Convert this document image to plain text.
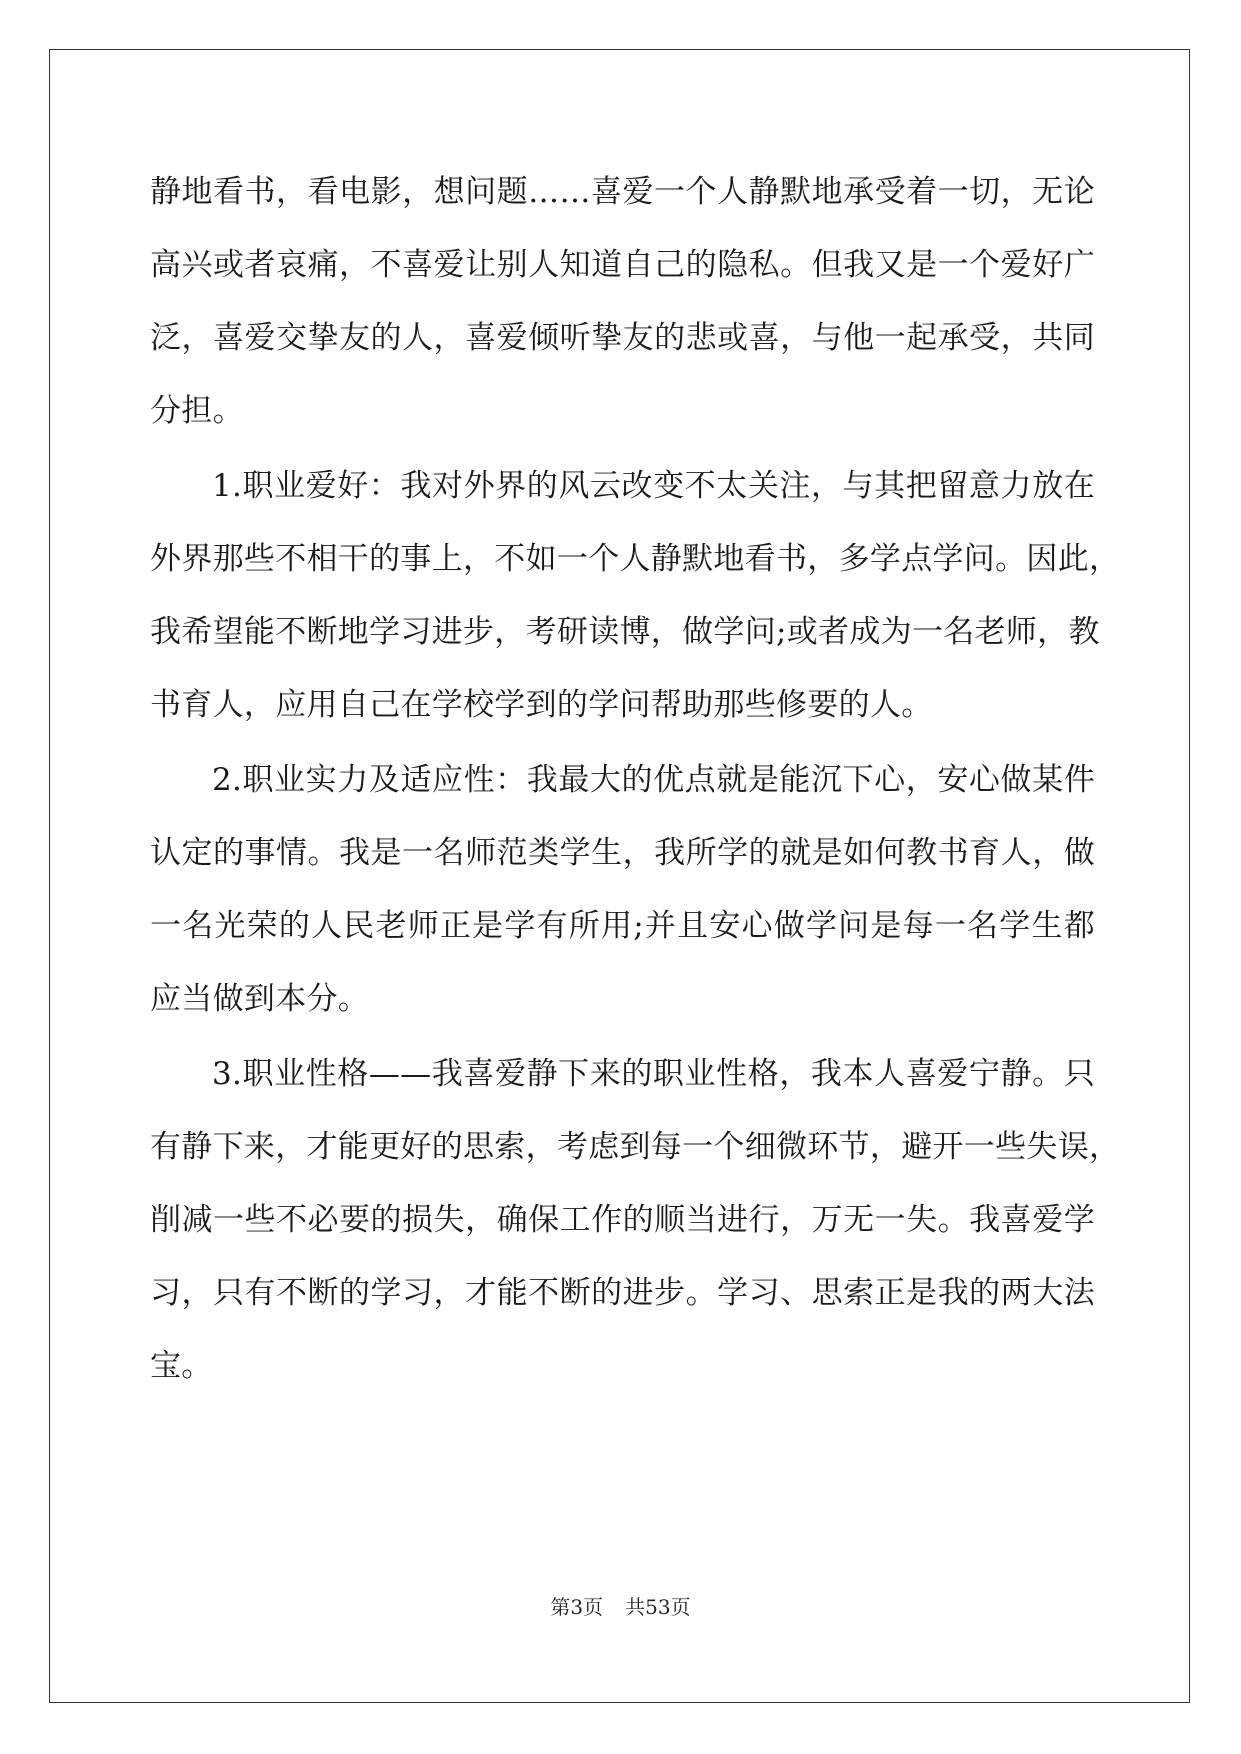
静地看书，看电影，想问题……喜爱一个人静默地承受着一切，无论
高兴或者哀痛，不喜爱让别人知道自己的隐私。但我又是一个爱好广
泛，喜爱交挚友的人，喜爱倾听挚友的悲或喜，与他一起承受，共同
分担。
1.职业爱好：我对外界的风云改变不太关注，与其把留意力放在
外界那些不相干的事上，不如一个人静默地看书，多学点学问。因此，
我希望能不断地学习进步，考研读博，做学问;或者成为一名老师，教
书育人，应用自己在学校学到的学问帮助那些修要的人。
2.职业实力及适应性：我最大的优点就是能沉下心，安心做某件
认定的事情。我是一名师范类学生，我所学的就是如何教书育人，做
一名光荣的人民老师正是学有所用;并且安心做学问是每一名学生都
应当做到本分。
3.职业性格——我喜爱静下来的职业性格，我本人喜爱宁静。只
有静下来，才能更好的思索，考虑到每一个细微环节，避开一些失误，
削减一些不必要的损失，确保工作的顺当进行，万无一失。我喜爱学
习，只有不断的学习，才能不断的进步。学习、思索正是我的两大法
宝。
第3页 共53页
